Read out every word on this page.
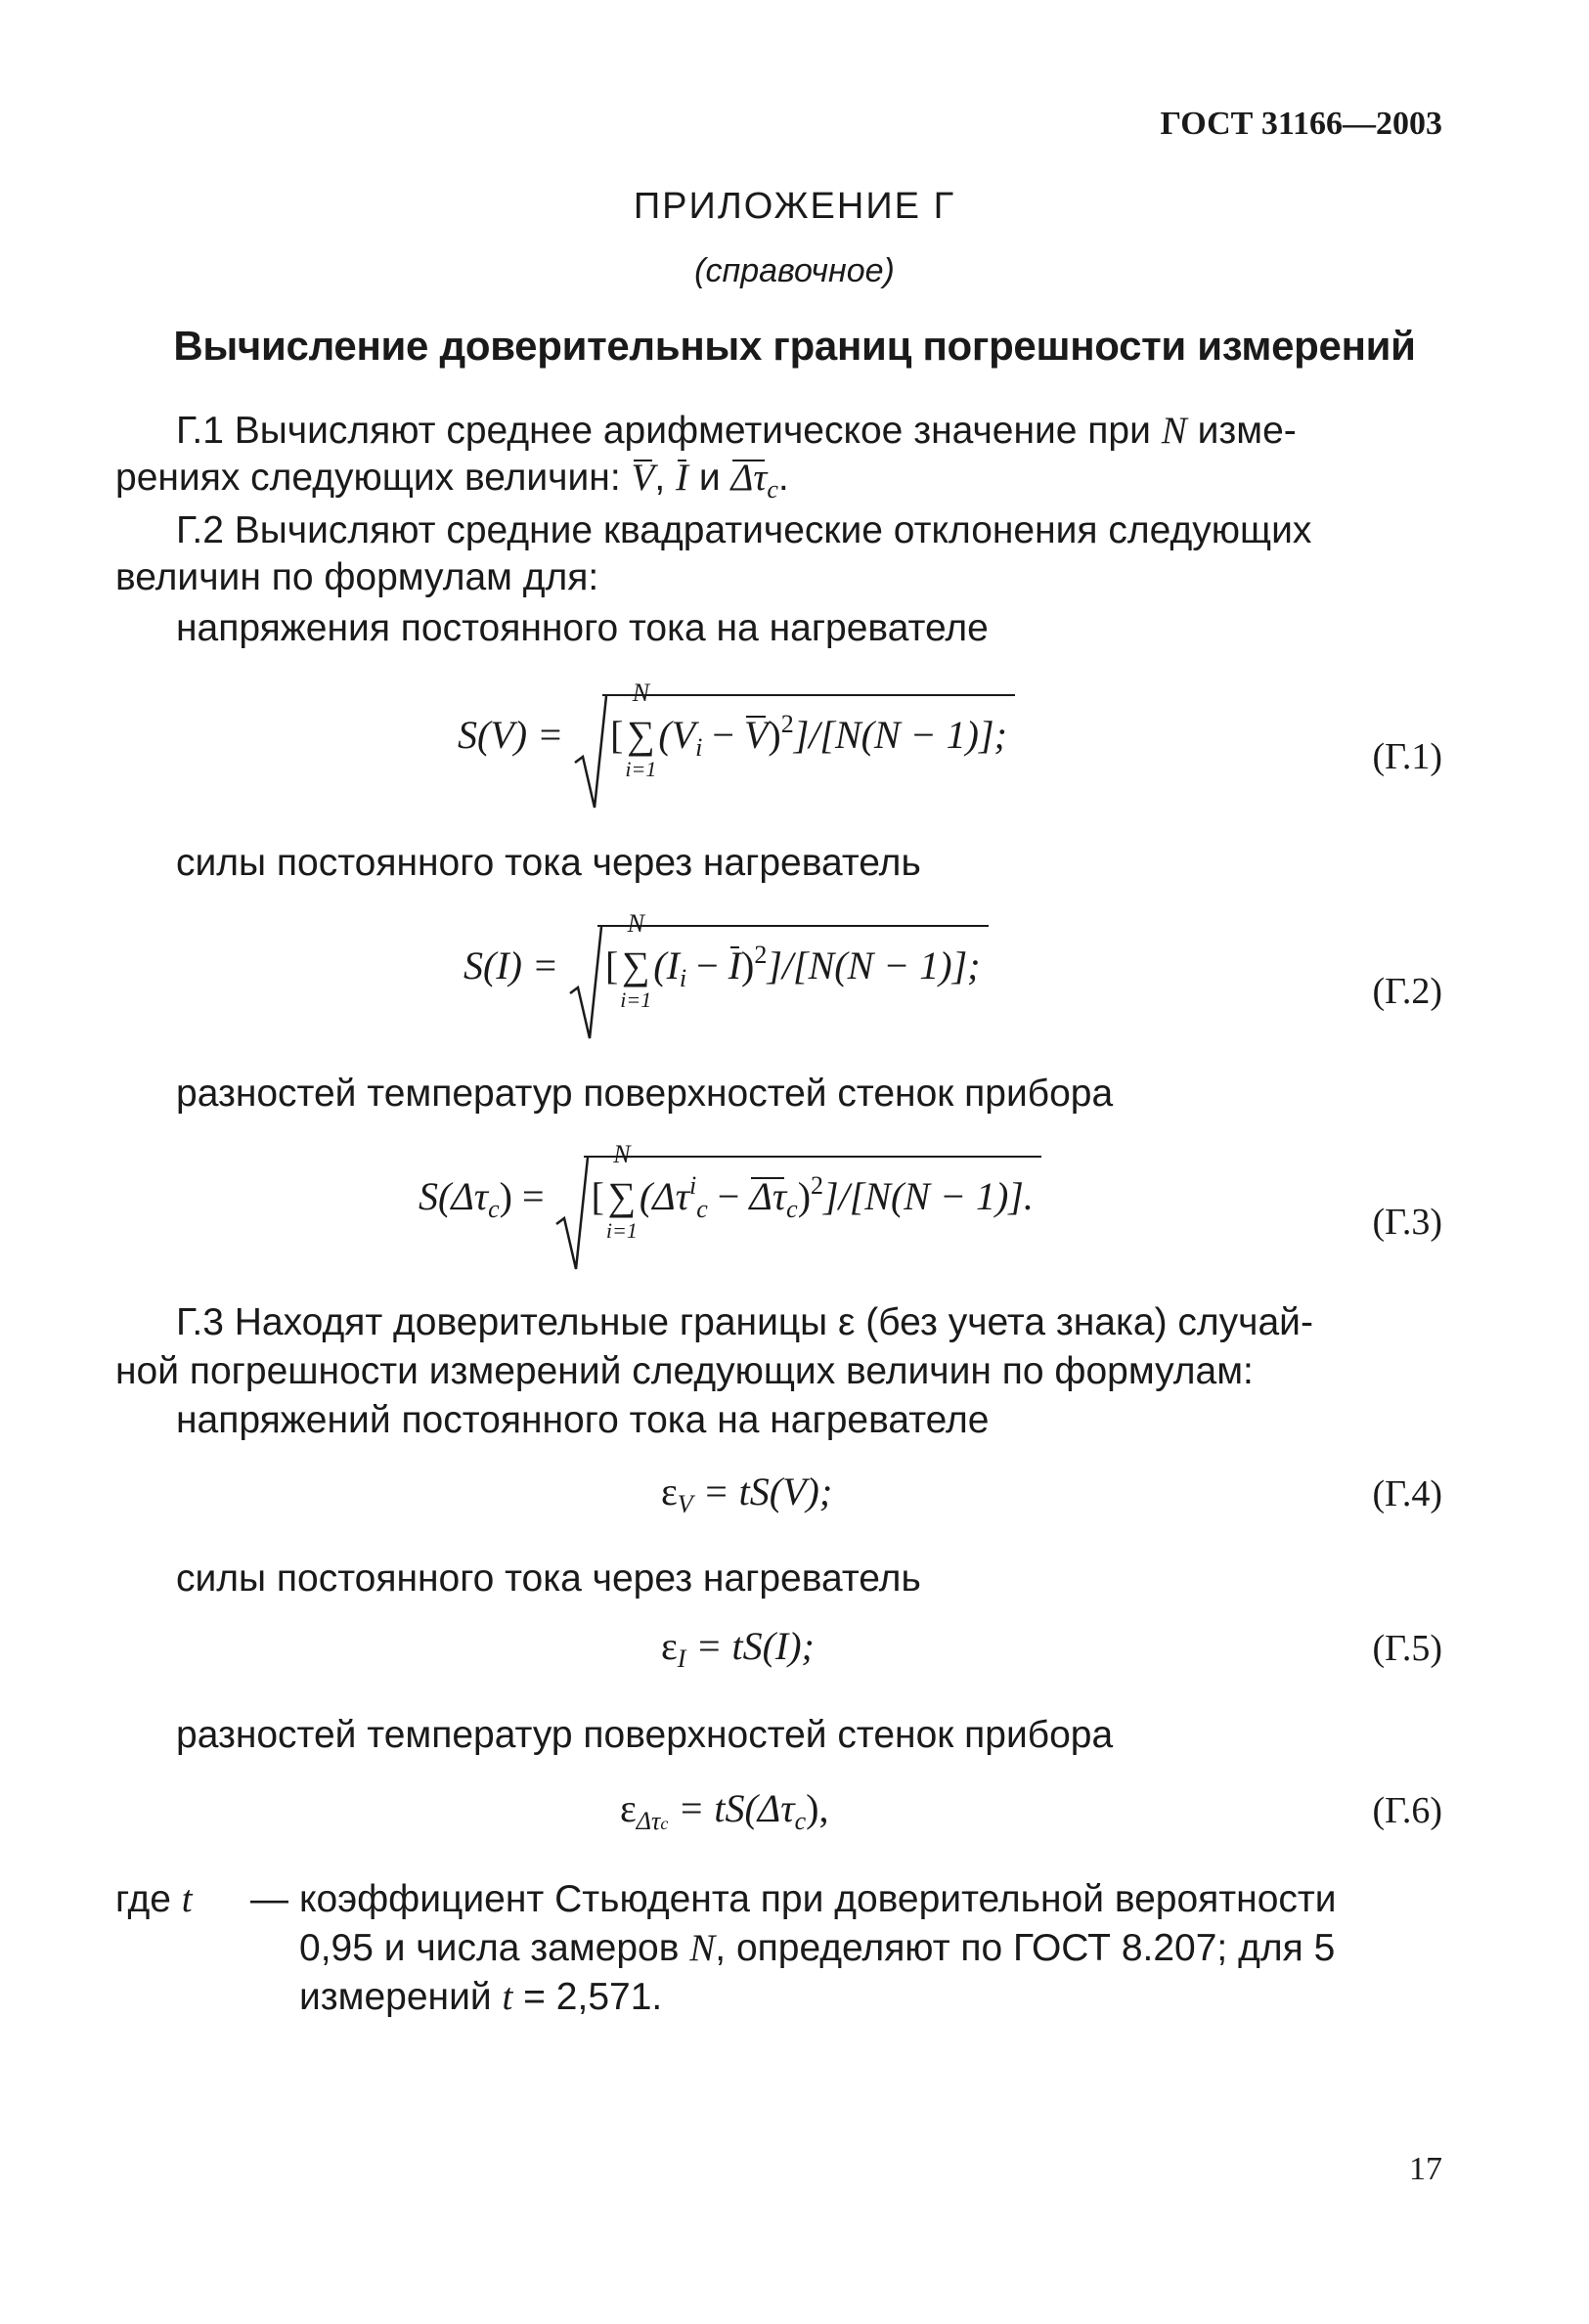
ГОСТ 31166—2003
ПРИЛОЖЕНИЕ Г
(справочное)
Вычисление доверительных границ погрешности измерений
Г.1 Вычисляют среднее арифметическое значение при N изме-
рениях следующих величин: V, I и $\Delta\tau_c$.
Г.2 Вычисляют средние квадратические отклонения следующих
величин по формулам для:
напряжения постоянного тока на нагревателе
S(V) =
[∑
N
i=1
$(V_i - V)^2]/[N(N - 1)]$;	(Г.1)
силы постоянного тока через нагреватель
S(I) =
[∑
N
i=1
$(I_i - I)^2]/[N(N - 1)]$;
(Г.2)
разностей температур поверхностей стенок прибора
$S(\Delta\tau_c)$ =
[∑
N
i=1
$(\Delta\tau^i_c - \Delta\tau_c)^2]/[N(N - 1)]$.
(Г.3)
Г.3 Находят доверительные границы ε (без учета знака) случай-
ной погрешности измерений следующих величин по формулам:
напряжений постоянного тока на нагревателе
$\varepsilon_V = tS(V)$;	(Г.4)
силы постоянного тока через нагреватель
$\varepsilon_I = tS(I)$;	(Г.5)
разностей температур поверхностей стенок прибора
$\varepsilon_{\Delta\tau c} = tS(\Delta\tau_c)$,	(Г.6)
где t — коэффициент Стьюдента при доверительной вероятности
0,95 и числа замеров N, определяют по ГОСТ 8.207; для 5
измерений t = 2,571.
17
